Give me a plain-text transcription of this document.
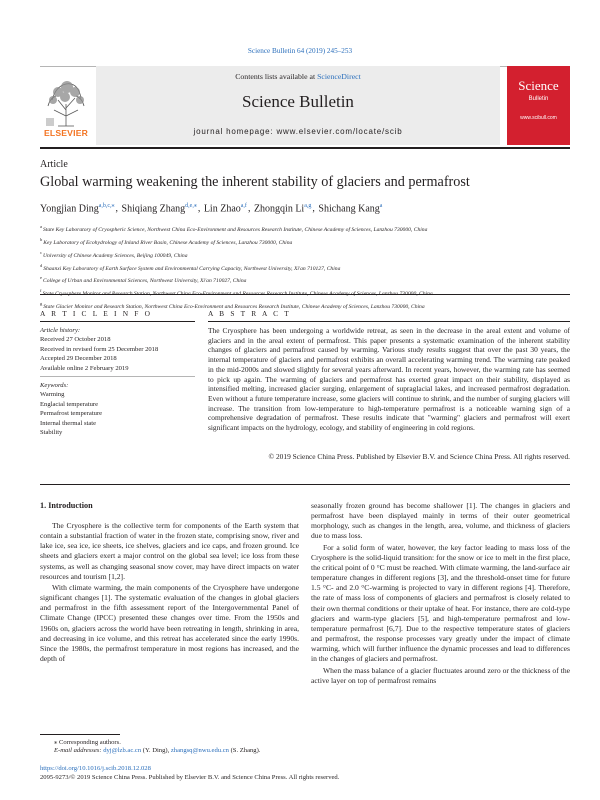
Science Bulletin 64 (2019) 245–253
ELSEVIER
Contents lists available at ScienceDirect
Science Bulletin
journal homepage: www.elsevier.com/locate/scib
Science
Bulletin
www.scibull.com
Article
Global warming weakening the inherent stability of glaciers and permafrost
Yongjian Ding$^{a,b,c,⁎}$, Shiqiang Zhang$^{d,e,⁎}$, Lin Zhao$^{a,f}$, Zhongqin Li$^{a,g}$, Shichang Kang$^a$
$^a$State Key Laboratory of Cryospheric Science, Northwest China Eco-Environment and Resources Research Institute, Chinese Academy of Sciences, Lanzhou 730000, China
$^b$Key Laboratory of Ecohydrology of Inland River Basin, Chinese Academy of Sciences, Lanzhou 730000, China
$^c$University of Chinese Academy Sciences, Beijing 100049, China
$^d$Shaanxi Key Laboratory of Earth Surface System and Environmental Carrying Capacity, Northwest University, Xi'an 710127, China
$^e$College of Urban and Environmental Sciences, Northwest University, Xi'an 710027, China
$^f$
$^g$State Glacier Monitor and Research Station, Northwest China Eco-Environment and Resources Research Institute, Chinese Academy of Sciences, Lanzhou 730000, China
A R T I C L E I N F O
Article history:
Received 27 October 2018
Received in revised form 25 December 2018
Accepted 29 December 2018
Available online 2 February 2019
Keywords:
Warming
Englacial temperature
Permafrost temperature
Internal thermal state
Stability
A B S T R A C T
The Cryosphere has been undergoing a worldwide retreat, as seen in the decrease in the areal extent and volume of glaciers and in the areal extent of permafrost. This paper presents a systematic examination of the inherent stability changes of glaciers and permafrost caused by warming. Various study results suggest that over the past 30 years, the internal temperature of glaciers and permafrost exhibits an overall accelerating warming trend. The warming rate peaked in the mid-2000s and slowed slightly for several years afterward. In recent years, however, the warming rate has seemed to pick up again. The warming of glaciers and permafrost has exerted great impact on their stability, displayed as intensified melting, increased glacier surging, enlargement of supraglacial lakes, and increased permafrost degradation. Even without a future temperature increase, some glaciers will continue to shrink, and the number of surging glaciers will increase. The transition from low-temperature to high-temperature permafrost is a noticeable warning sign of a comprehensive degradation of permafrost. These results indicate that "warming" glaciers and permafrost will exert significant impacts on the hydrology, ecology, and stability of engineering in cold regions.
© 2019 Science China Press. Published by Elsevier B.V. and Science China Press. All rights reserved.
1. Introduction

The Cryosphere is the collective term for components of the Earth system that contain a substantial fraction of water in the frozen state, comprising snow, river and lake ice, sea ice, ice sheets, ice shelves, glaciers and ice caps, and frozen ground. Ice sheets and glaciers exert a major control on the global sea level; ice loss from these systems, as well as changing seasonal snow cover, may have direct impacts on water resources and tourism [1,2].

With climate warming, the main components of the Cryosphere have undergone significant changes [1]. The systematic evaluation of the changes in global glaciers and permafrost in the fifth assessment report of the Intergovernmental Panel of Climate Change (IPCC) presented these changes over time. From the 1950s and 1960s on, glaciers across the world have been retreating in length, shrinking in area, and decreasing in ice volume, and this retreat has accelerated since the early 1990s. Since the 1980s, the permafrost temperature in most regions has increased, and the depth of

seasonally frozen ground has become shallower [1]. The changes in glaciers and permafrost have been displayed mainly in terms of their outer geometrical morphology, such as changes in the length, area, volume, and thickness of glaciers due to mass loss.

For a solid form of water, however, the key factor leading to mass loss of the Cryosphere is the solid-liquid transition: for the snow or ice to melt in the first place, the critical point of 0 °C must be reached. With climate warming, the land-surface air temperature changes in different regions [3], and the threshold-onset time for future 1.5 °C- and 2.0 °C-warming is projected to vary in different regions [4]. Therefore, the rate of mass loss of components of glaciers and permafrost is closely related to their own thermal conditions or their uptake of heat. For instance, there are cold-type glaciers and warm-type glaciers [5], and high-temperature permafrost and low-temperature permafrost [6,7]. Due to the respective temperature states of glaciers and permafrost, the response processes vary greatly under the impact of climate warming, which will further influence the dynamic processes and lead to differences in the changes of glaciers and permafrost.

When the mass balance of a glacier fluctuates around zero or the thickness of the active layer on top of permafrost remains

⁎ Corresponding authors.
E-mail addresses: dyj@lzb.ac.cn (Y. Ding), zhangsq@nwu.edu.cn (S. Zhang).
https://doi.org/10.1016/j.scib.2018.12.028
2095-9273/© 2019 Science China Press. Published by Elsevier B.V. and Science China Press. All rights reserved.
